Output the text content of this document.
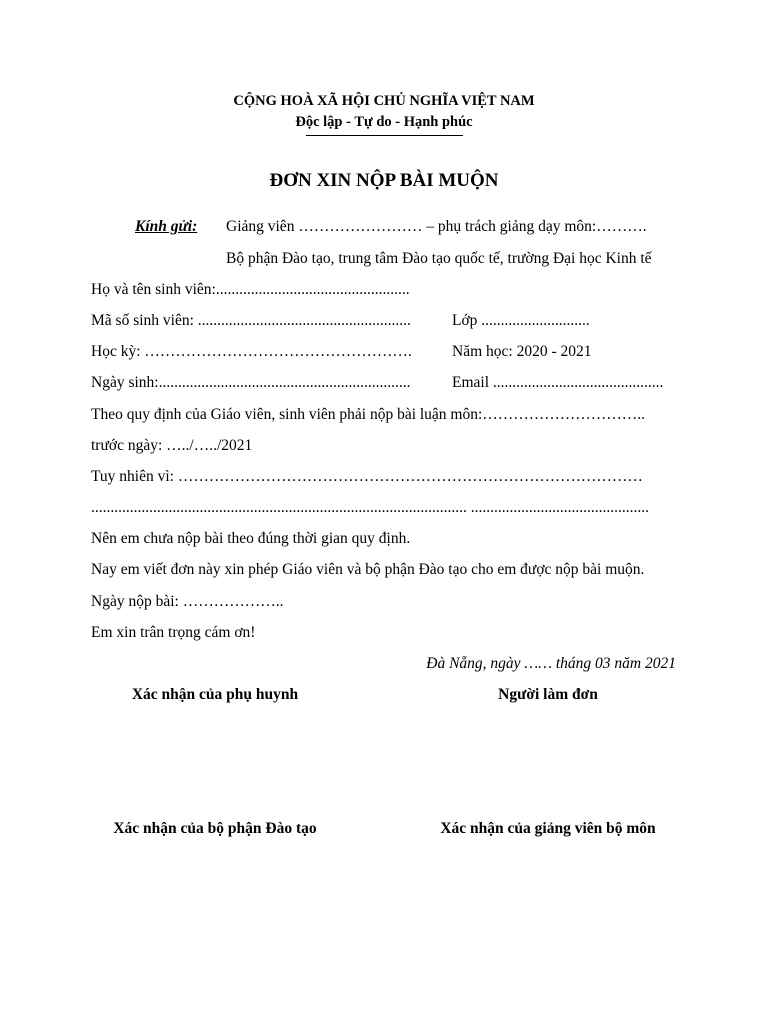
CỘNG HOÀ XÃ HỘI CHỦ NGHĨA VIỆT NAM
Độc lập - Tự do - Hạnh phúc
ĐƠN XIN NỘP BÀI MUỘN
Kính gửi: Giảng viên …………………… – phụ trách giảng dạy môn:……….
Bộ phận Đào tạo, trung tâm Đào tạo quốc tế, trường Đại học Kinh tế
Họ và tên sinh viên:..................................................
Mã số sinh viên: .......................................................	Lớp ............................
Học kỳ: …………………………………………….	Năm học: 2020 - 2021
Ngày sinh:.................................................................	Email ............................................
Theo quy định của Giáo viên, sinh viên phải nộp bài luận môn:…………………………..
trước ngày: …../…../2021
Tuy nhiên vì: ………………………………………………………………………………
................................................................................................. ..............................................
Nên em chưa nộp bài theo đúng thời gian quy định.
Nay em viết đơn này xin phép Giáo viên và bộ phận Đào tạo cho em được nộp bài muộn.
Ngày nộp bài: ………………..
Em xin trân trọng cám ơn!
Đà Nẵng, ngày …… tháng 03 năm 2021
Xác nhận của phụ huynh	Người làm đơn
Xác nhận của bộ phận Đào tạo	Xác nhận của giảng viên bộ môn
